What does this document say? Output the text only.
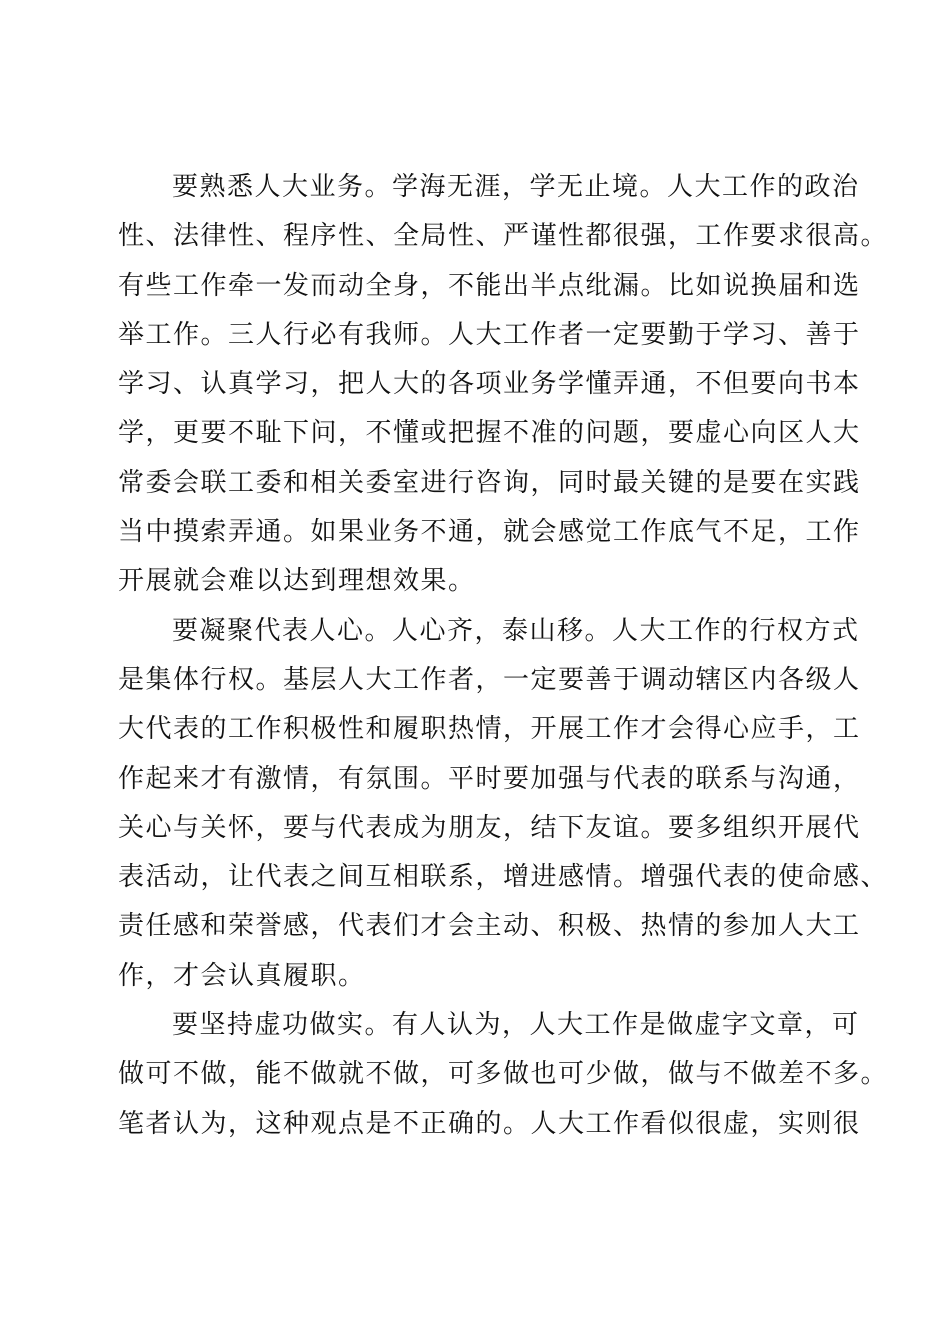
要熟悉人大业务。学海无涯，学无止境。人大工作的政治
性、法律性、程序性、全局性、严谨性都很强，工作要求很高。
有些工作牵一发而动全身，不能出半点纰漏。比如说换届和选
举工作。三人行必有我师。人大工作者一定要勤于学习、善于
学习、认真学习，把人大的各项业务学懂弄通，不但要向书本
学，更要不耻下问，不懂或把握不准的问题，要虚心向区人大
常委会联工委和相关委室进行咨询，同时最关键的是要在实践
当中摸索弄通。如果业务不通，就会感觉工作底气不足，工作
开展就会难以达到理想效果。
要凝聚代表人心。人心齐，泰山移。人大工作的行权方式
是集体行权。基层人大工作者，一定要善于调动辖区内各级人
大代表的工作积极性和履职热情，开展工作才会得心应手，工
作起来才有激情，有氛围。平时要加强与代表的联系与沟通，
关心与关怀，要与代表成为朋友，结下友谊。要多组织开展代
表活动，让代表之间互相联系，增进感情。增强代表的使命感、
责任感和荣誉感，代表们才会主动、积极、热情的参加人大工
作，才会认真履职。
要坚持虚功做实。有人认为，人大工作是做虚字文章，可
做可不做，能不做就不做，可多做也可少做，做与不做差不多。
笔者认为，这种观点是不正确的。人大工作看似很虚，实则很
